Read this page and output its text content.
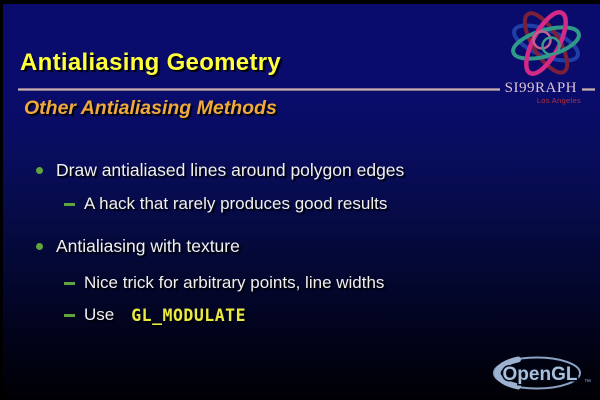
Antialiasing Geometry
SI99RAPH
Los Angeles
Other Antialiasing Methods
Draw antialiased lines around polygon edges
A hack that rarely produces good results
Antialiasing with texture
Nice trick for arbitrary points, line widths
Use GL_MODULATE
OpenGL ™
